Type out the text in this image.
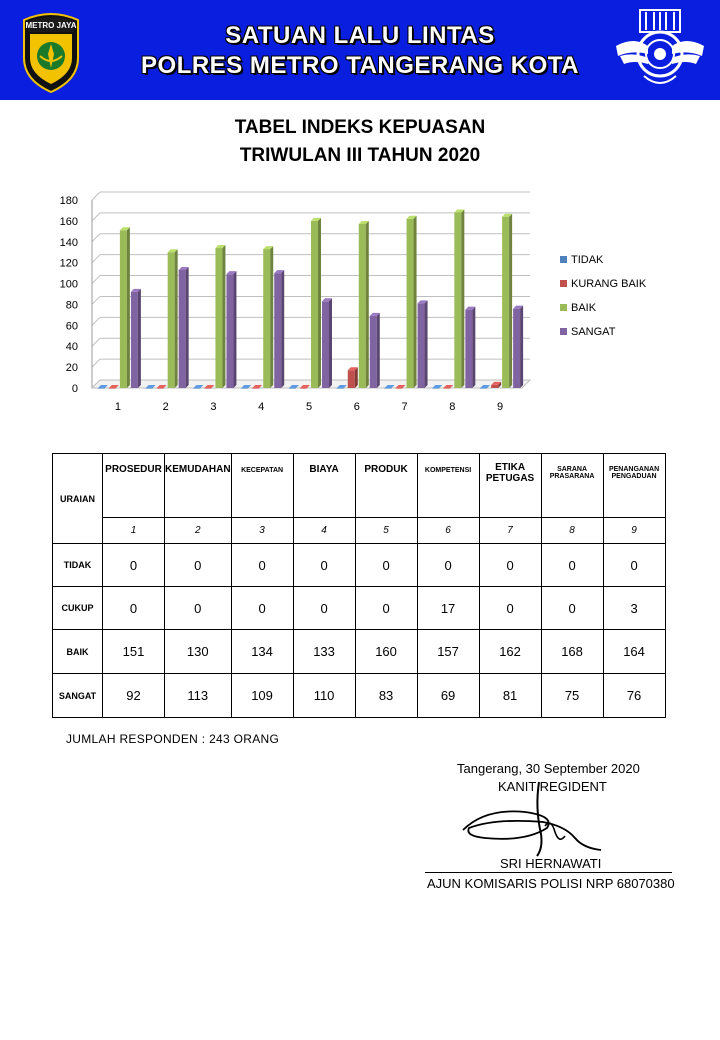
METRO JAYA	SATUAN LALU LINTAS
POLRES METRO TANGERANG KOTA
TABEL INDEKS KEPUASAN
TRIWULAN III TAHUN 2020
0
20
40
60
80
100
120
140
160
180
1	2	3	4	5	6	7	8	9
TIDAK
KURANG BAIK
BAIK
SANGAT
URAIAN	PROSEDUR	KEMUDAHAN	KECEPATAN	BIAYA	PRODUK	KOMPETENSI	ETIKA PETUGAS	SARANA PRASARANA	PENANGANAN PENGADUAN
	1	2	3	4	5	6	7	8	9
TIDAK	0	0	0	0	0	0	0	0	0
CUKUP	0	0	0	0	0	17	0	0	3
BAIK	151	130	134	133	160	157	162	168	164
SANGAT	92	113	109	110	83	69	81	75	76
JUMLAH RESPONDEN : 243 ORANG
Tangerang, 30 September 2020
KANIT REGIDENT
SRI HERNAWATI
AJUN KOMISARIS POLISI NRP 68070380
